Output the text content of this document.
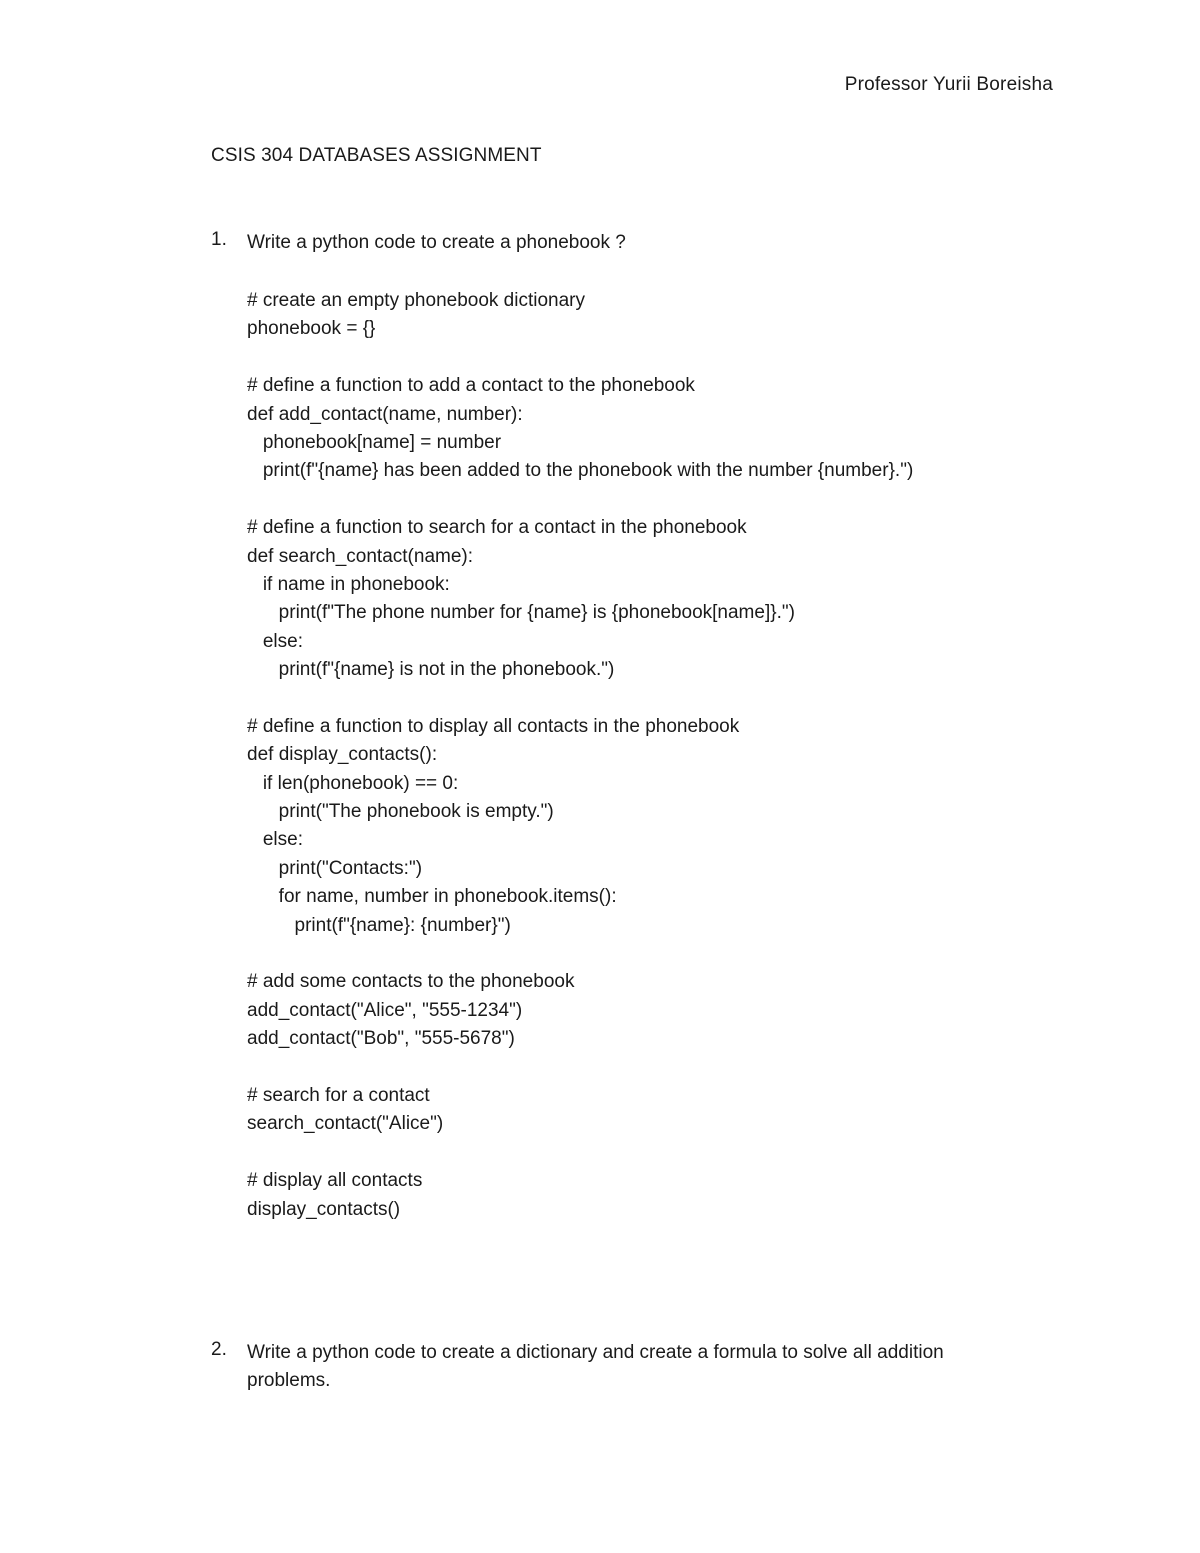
Professor Yurii Boreisha
CSIS 304 DATABASES ASSIGNMENT
1. Write a python code to create a phonebook ?
# create an empty phonebook dictionary
phonebook = {}
# define a function to add a contact to the phonebook
def add_contact(name, number):
phonebook[name] = number
print(f"{name} has been added to the phonebook with the number {number}.")
# define a function to search for a contact in the phonebook
def search_contact(name):
if name in phonebook:
print(f"The phone number for {name} is {phonebook[name]}.")
else:
print(f"{name} is not in the phonebook.")
# define a function to display all contacts in the phonebook
def display_contacts():
if len(phonebook) == 0:
print("The phonebook is empty.")
else:
print("Contacts:")
for name, number in phonebook.items():
print(f"{name}: {number}")
# add some contacts to the phonebook
add_contact("Alice", "555-1234")
add_contact("Bob", "555-5678")
# search for a contact
search_contact("Alice")
# display all contacts
display_contacts()
2. Write a python code to create a dictionary and create a formula to solve all addition problems.
